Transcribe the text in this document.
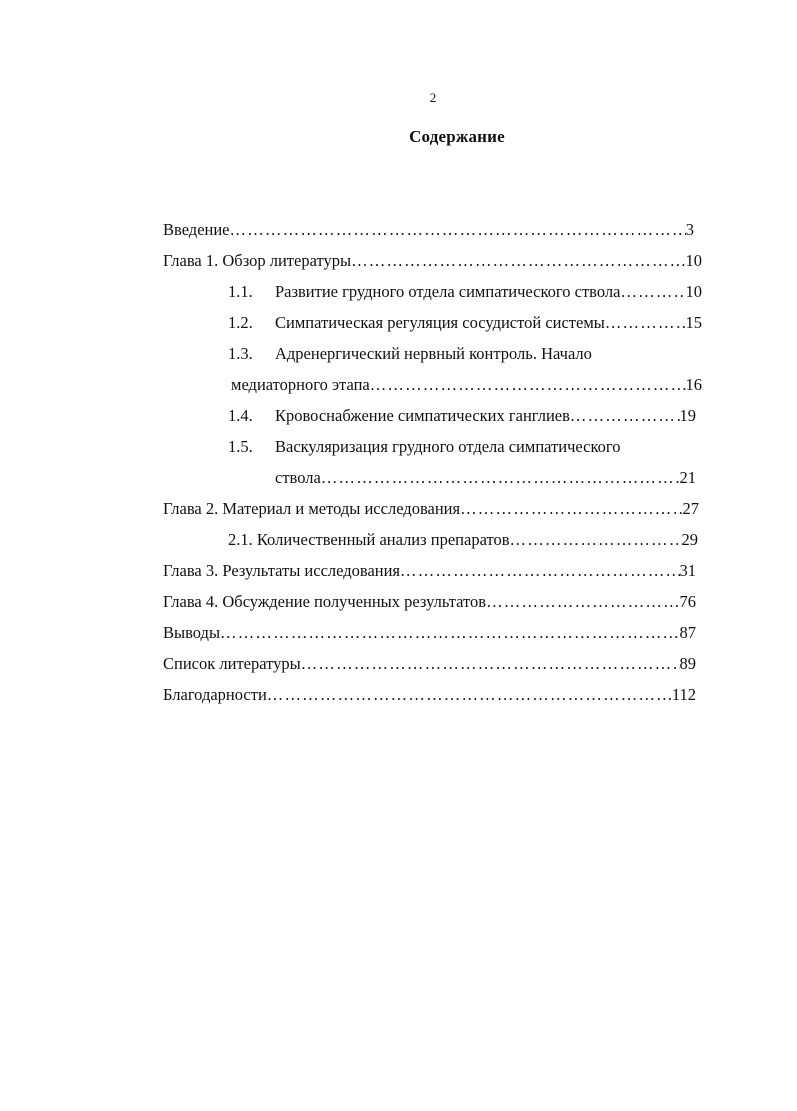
2
Содержание
Введение …………………………………………………………………………………………………………………………………………………………………………	3
Глава 1. Обзор литературы …………………………………………………………………………………………………………………………………………………………………………	10
1.1. Развитие грудного отдела симпатического ствола …………………………………………………………………………………………………………………………………………………………………………	10
1.2. Симпатическая регуляция сосудистой системы …………………………………………………………………………………………………………………………………………………………………………	15
1.3. Адренергический нервный контроль. Начало
медиаторного этапа …………………………………………………………………………………………………………………………………………………………………………	16
1.4. Кровоснабжение симпатических ганглиев …………………………………………………………………………………………………………………………………………………………………………	19
1.5. Васкуляризация грудного отдела симпатического
ствола …………………………………………………………………………………………………………………………………………………………………………	21
Глава 2. Материал и методы исследования …………………………………………………………………………………………………………………………………………………………………………	27
2.1. Количественный анализ препаратов …………………………………………………………………………………………………………………………………………………………………………	29
Глава 3. Результаты исследования …………………………………………………………………………………………………………………………………………………………………………	31
Глава 4. Обсуждение полученных результатов …………………………………………………………………………………………………………………………………………………………………………	76
Выводы …………………………………………………………………………………………………………………………………………………………………………	87
Список литературы …………………………………………………………………………………………………………………………………………………………………………	89
Благодарности …………………………………………………………………………………………………………………………………………………………………………	112
